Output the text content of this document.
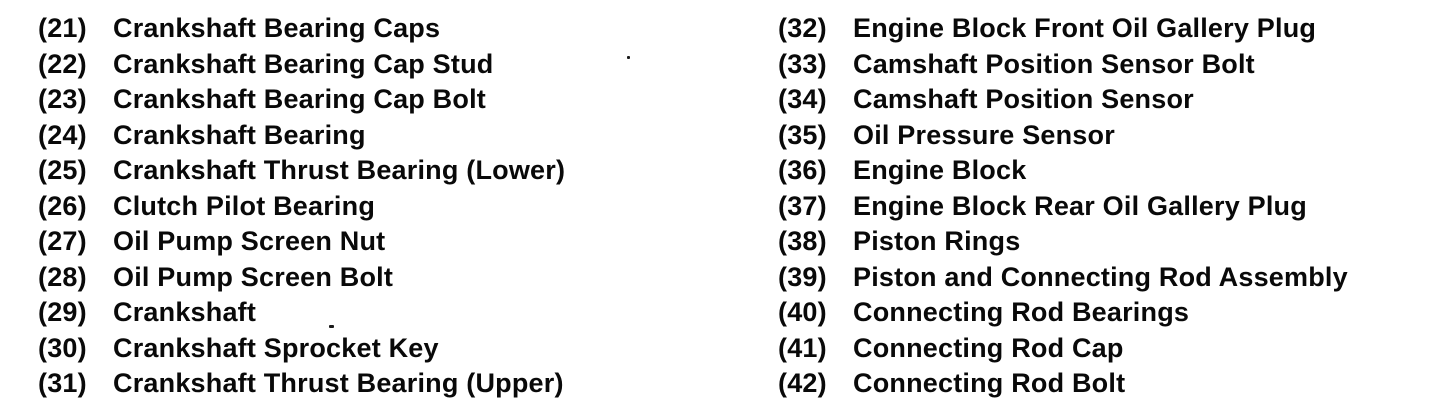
(21) Crankshaft Bearing Caps
(22) Crankshaft Bearing Cap Stud
(23) Crankshaft Bearing Cap Bolt
(24) Crankshaft Bearing
(25) Crankshaft Thrust Bearing (Lower)
(26) Clutch Pilot Bearing
(27) Oil Pump Screen Nut
(28) Oil Pump Screen Bolt
(29) Crankshaft
(30) Crankshaft Sprocket Key
(31) Crankshaft Thrust Bearing (Upper)
(32) Engine Block Front Oil Gallery Plug
(33) Camshaft Position Sensor Bolt
(34) Camshaft Position Sensor
(35) Oil Pressure Sensor
(36) Engine Block
(37) Engine Block Rear Oil Gallery Plug
(38) Piston Rings
(39) Piston and Connecting Rod Assembly
(40) Connecting Rod Bearings
(41) Connecting Rod Cap
(42) Connecting Rod Bolt
